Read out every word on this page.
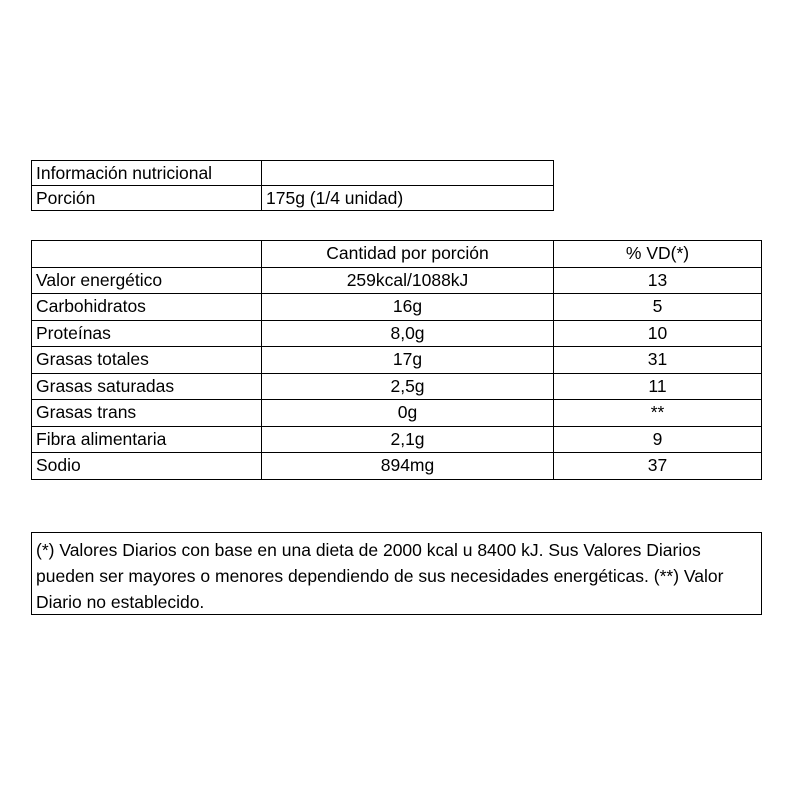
Información nutricional	
Porción	175g (1/4 unidad)
	Cantidad por porción	% VD(*)
Valor energético	259kcal/1088kJ	13
Carbohidratos	16g	5
Proteínas	8,0g	10
Grasas totales	17g	31
Grasas saturadas	2,5g	11
Grasas trans	0g	**
Fibra alimentaria	2,1g	9
Sodio	894mg	37
(*) Valores Diarios con base en una dieta de 2000 kcal u 8400 kJ. Sus Valores Diarios pueden ser mayores o menores dependiendo de sus necesidades energéticas. (**) Valor Diario no establecido.
